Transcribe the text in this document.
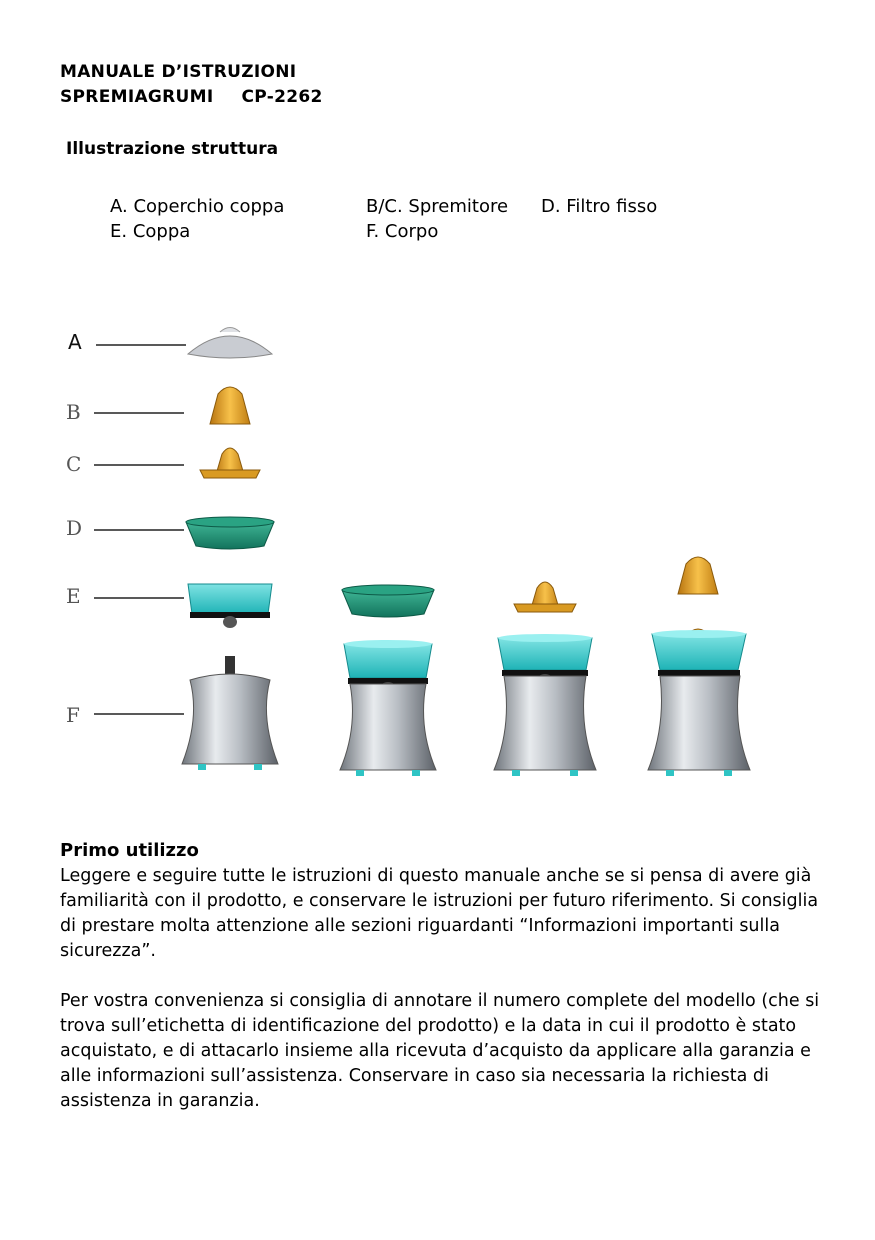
MANUALE D’ISTRUZIONI
SPREMIAGRUMI CP-2262
Illustrazione struttura
A. Coperchio coppa	B/C. Spremitore	D. Filtro fisso
E. Coppa	F. Corpo
A
B
C
D
E
F
Primo utilizzo

Leggere e seguire tutte le istruzioni di questo manuale anche se si pensa di avere già familiarità con il prodotto, e conservare le istruzioni per futuro riferimento. Si consiglia di prestare molta attenzione alle sezioni riguardanti “Informazioni importanti sulla sicurezza”.

Per vostra convenienza si consiglia di annotare il numero complete del modello (che si trova sull’etichetta di identificazione del prodotto) e la data in cui il prodotto è stato acquistato, e di attacarlo insieme alla ricevuta d’acquisto da applicare alla garanzia e alle informazioni sull’assistenza. Conservare in caso sia necessaria la richiesta di assistenza in garanzia.
